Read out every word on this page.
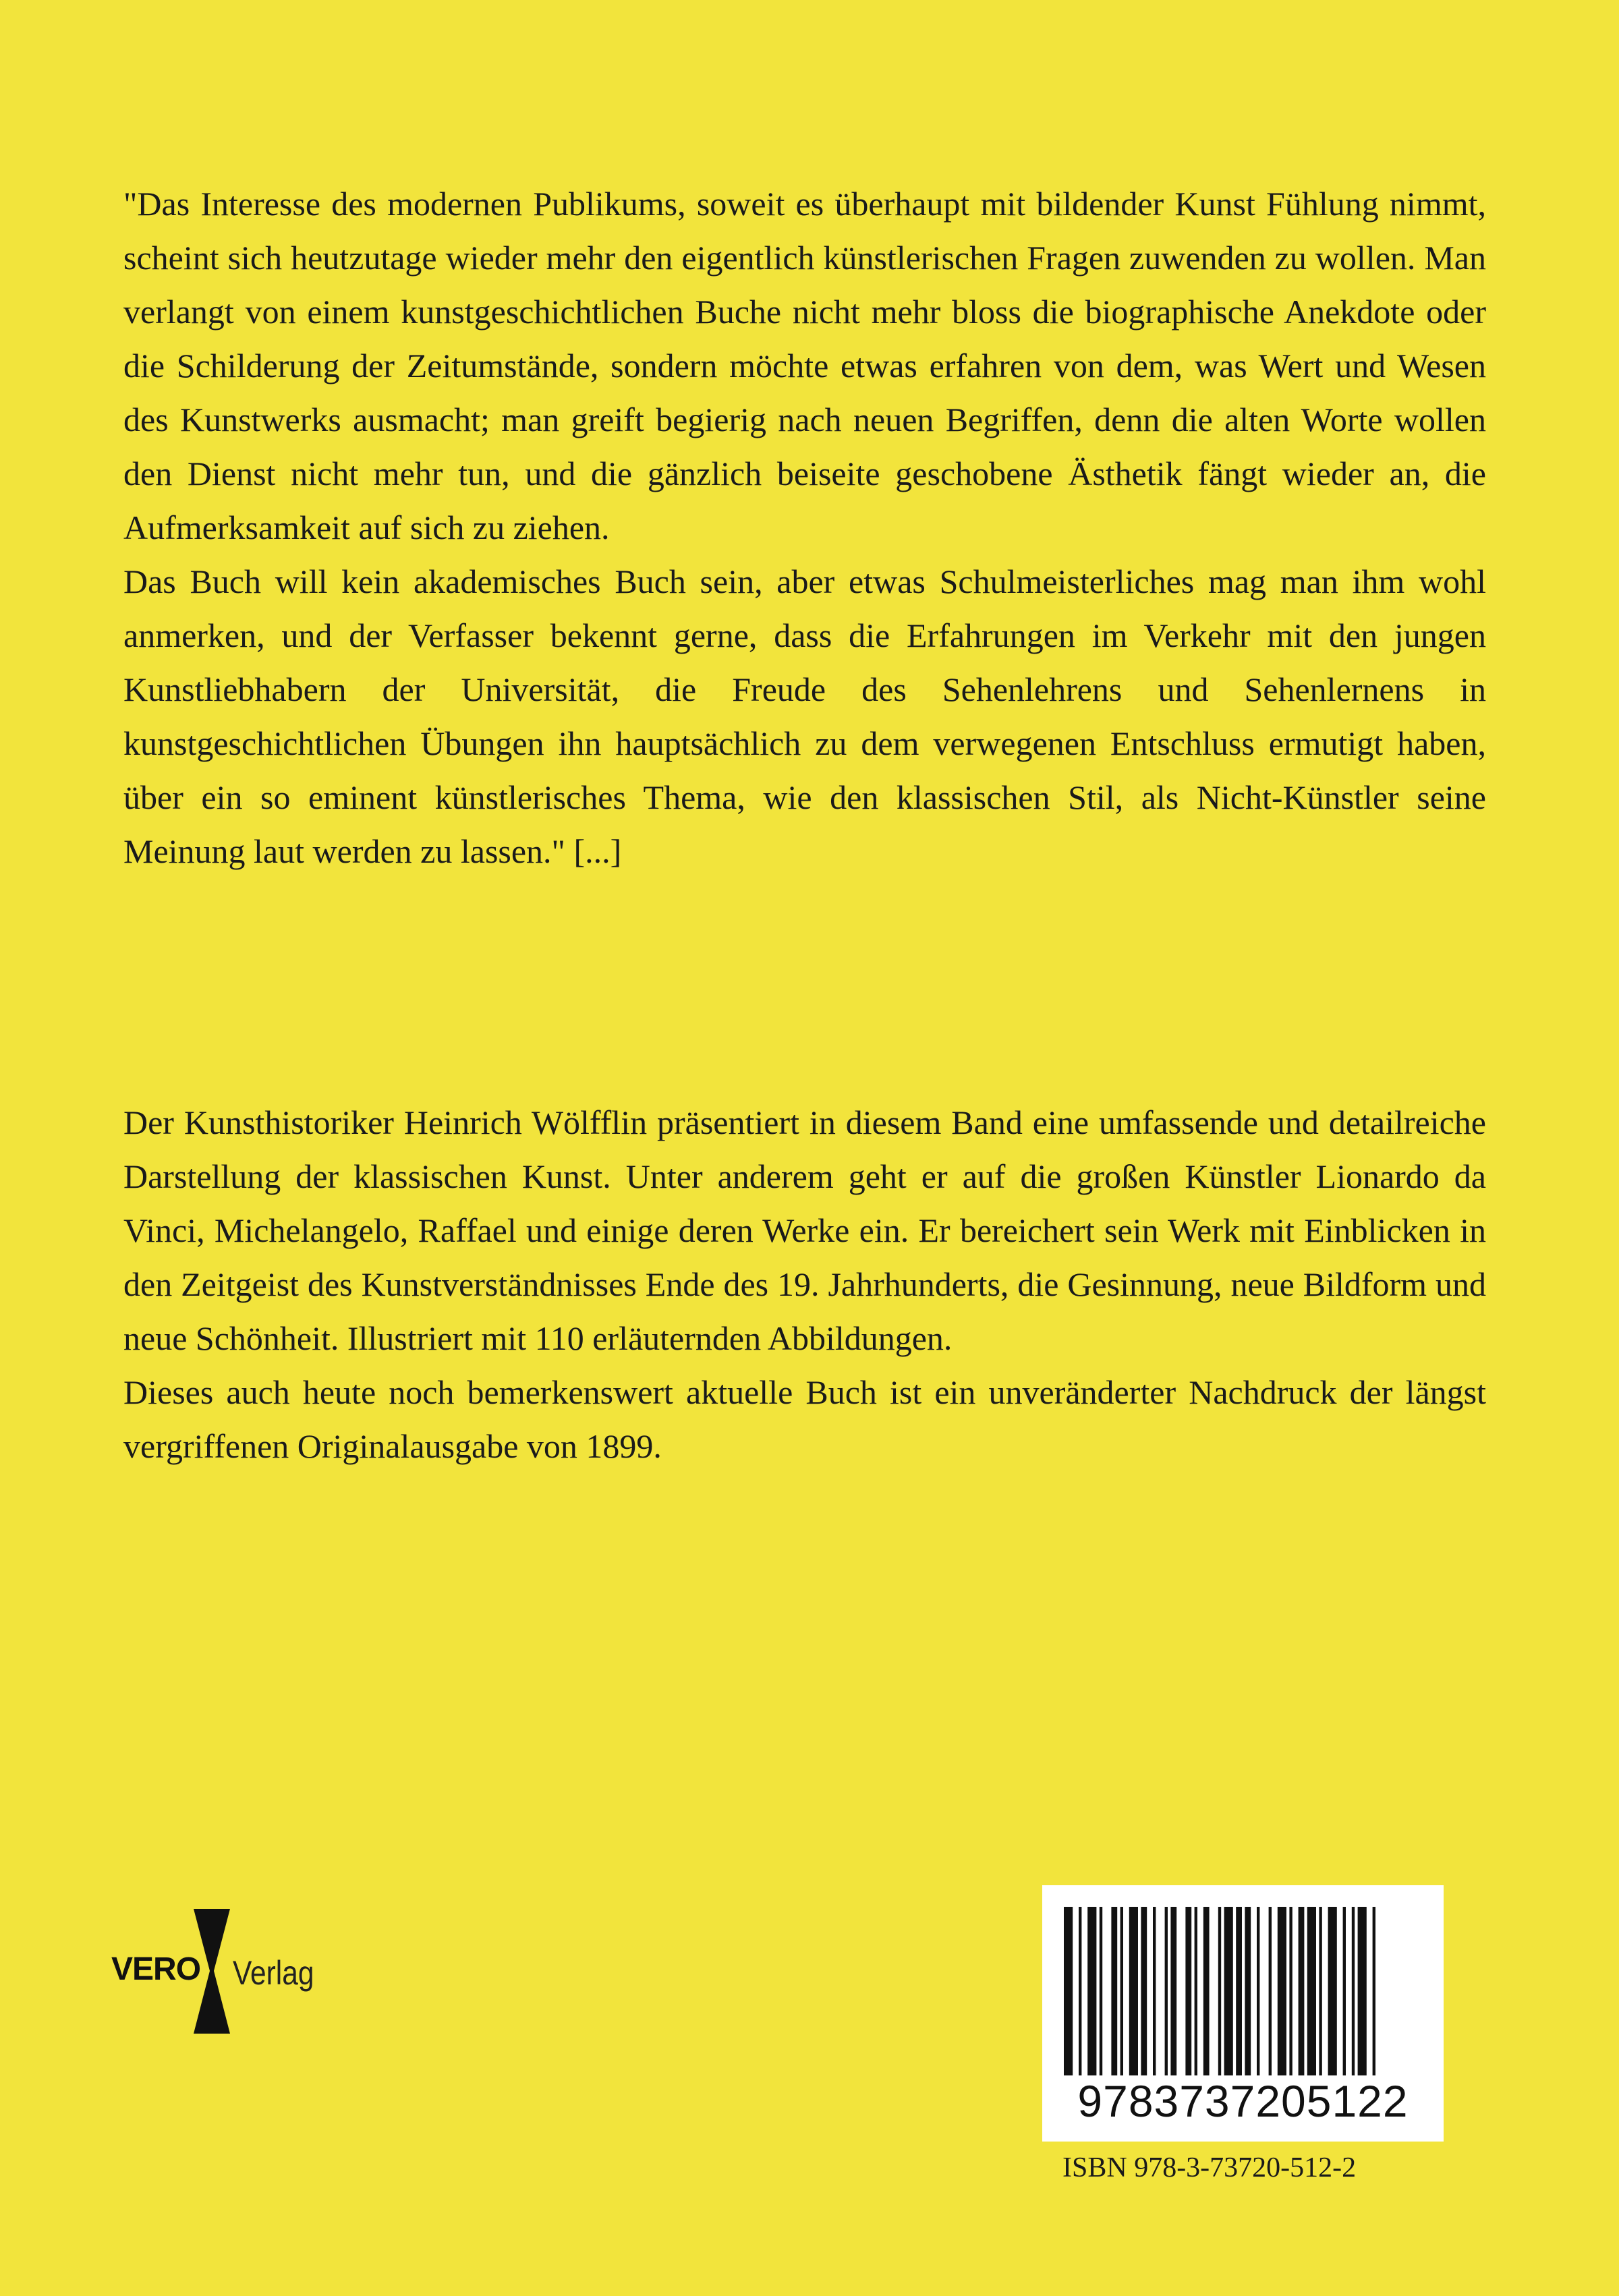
"Das Interesse des modernen Publikums, soweit es überhaupt mit bildender Kunst Fühlung nimmt, scheint sich heutzutage wieder mehr den eigentlich künstlerischen Fragen zuwenden zu wollen. Man verlangt von einem kunstgeschichtlichen Buche nicht mehr bloss die biographische Anekdote oder die Schilderung der Zeitumstände, sondern möchte etwas erfahren von dem, was Wert und Wesen des Kunstwerks ausmacht; man greift begierig nach neuen Begriffen, denn die alten Worte wollen den Dienst nicht mehr tun, und die gänzlich beiseite geschobene Ästhetik fängt wieder an, die Aufmerksamkeit auf sich zu ziehen.

Das Buch will kein akademisches Buch sein, aber etwas Schulmeisterliches mag man ihm wohl anmerken, und der Verfasser bekennt gerne, dass die Erfahrungen im Verkehr mit den jungen Kunstliebhabern der Universität, die Freude des Sehenlehrens und Sehenlernens in kunstgeschichtlichen Übungen ihn hauptsächlich zu dem verwegenen Entschluss ermutigt haben, über ein so eminent künstlerisches Thema, wie den klassischen Stil, als Nicht-Künstler seine Meinung laut werden zu lassen." [...]

Der Kunsthistoriker Heinrich Wölfflin präsentiert in diesem Band eine umfassende und detailreiche Darstellung der klassischen Kunst. Unter anderem geht er auf die großen Künstler Lionardo da Vinci, Michelangelo, Raffael und einige deren Werke ein. Er bereichert sein Werk mit Einblicken in den Zeitgeist des Kunstverständnisses Ende des 19. Jahrhunderts, die Gesinnung, neue Bildform und neue Schönheit. Illustriert mit 110 erläuternden Abbildungen.

Dieses auch heute noch bemerkenswert aktuelle Buch ist ein unveränderter Nachdruck der längst vergriffenen Originalausgabe von 1899.

VERO Verlag
9783737205122
ISBN 978-3-73720-512-2
